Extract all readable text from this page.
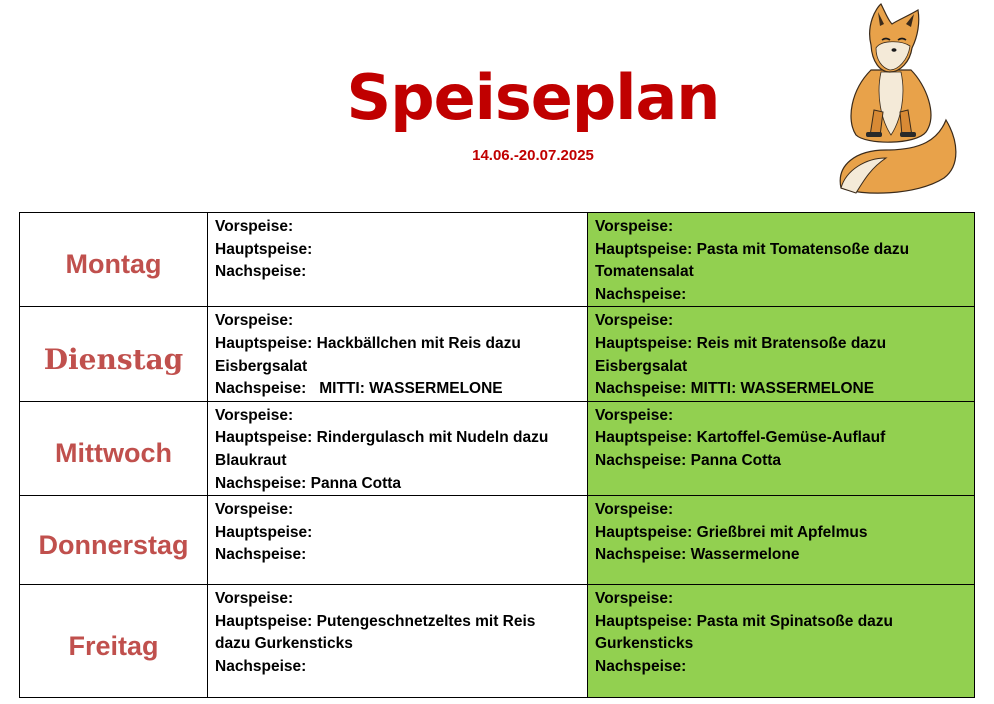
Speiseplan
14.06.-20.07.2025
Montag	Vorspeise:
Hauptspeise:
Nachspeise:	Vorspeise:
Hauptspeise: Pasta mit Tomatensoße dazu
Tomatensalat
Nachspeise:

Dienstag	Vorspeise:
Hauptspeise: Hackbällchen mit Reis dazu
Eisbergsalat
Nachspeise:   MITTI: WASSERMELONE	Vorspeise:
Hauptspeise: Reis mit Bratensoße dazu
Eisbergsalat
Nachspeise: MITTI: WASSERMELONE

Mittwoch	Vorspeise:
Hauptspeise: Rindergulasch mit Nudeln dazu
Blaukraut
Nachspeise: Panna Cotta	Vorspeise:
Hauptspeise: Kartoffel-Gemüse-Auflauf
Nachspeise: Panna Cotta

Donnerstag	Vorspeise:
Hauptspeise:
Nachspeise:	Vorspeise:
Hauptspeise: Grießbrei mit Apfelmus
Nachspeise: Wassermelone

Freitag	Vorspeise:
Hauptspeise: Putengeschnetzeltes mit Reis
dazu Gurkensticks
Nachspeise:	Vorspeise:
Hauptspeise: Pasta mit Spinatsoße dazu
Gurkensticks
Nachspeise:
